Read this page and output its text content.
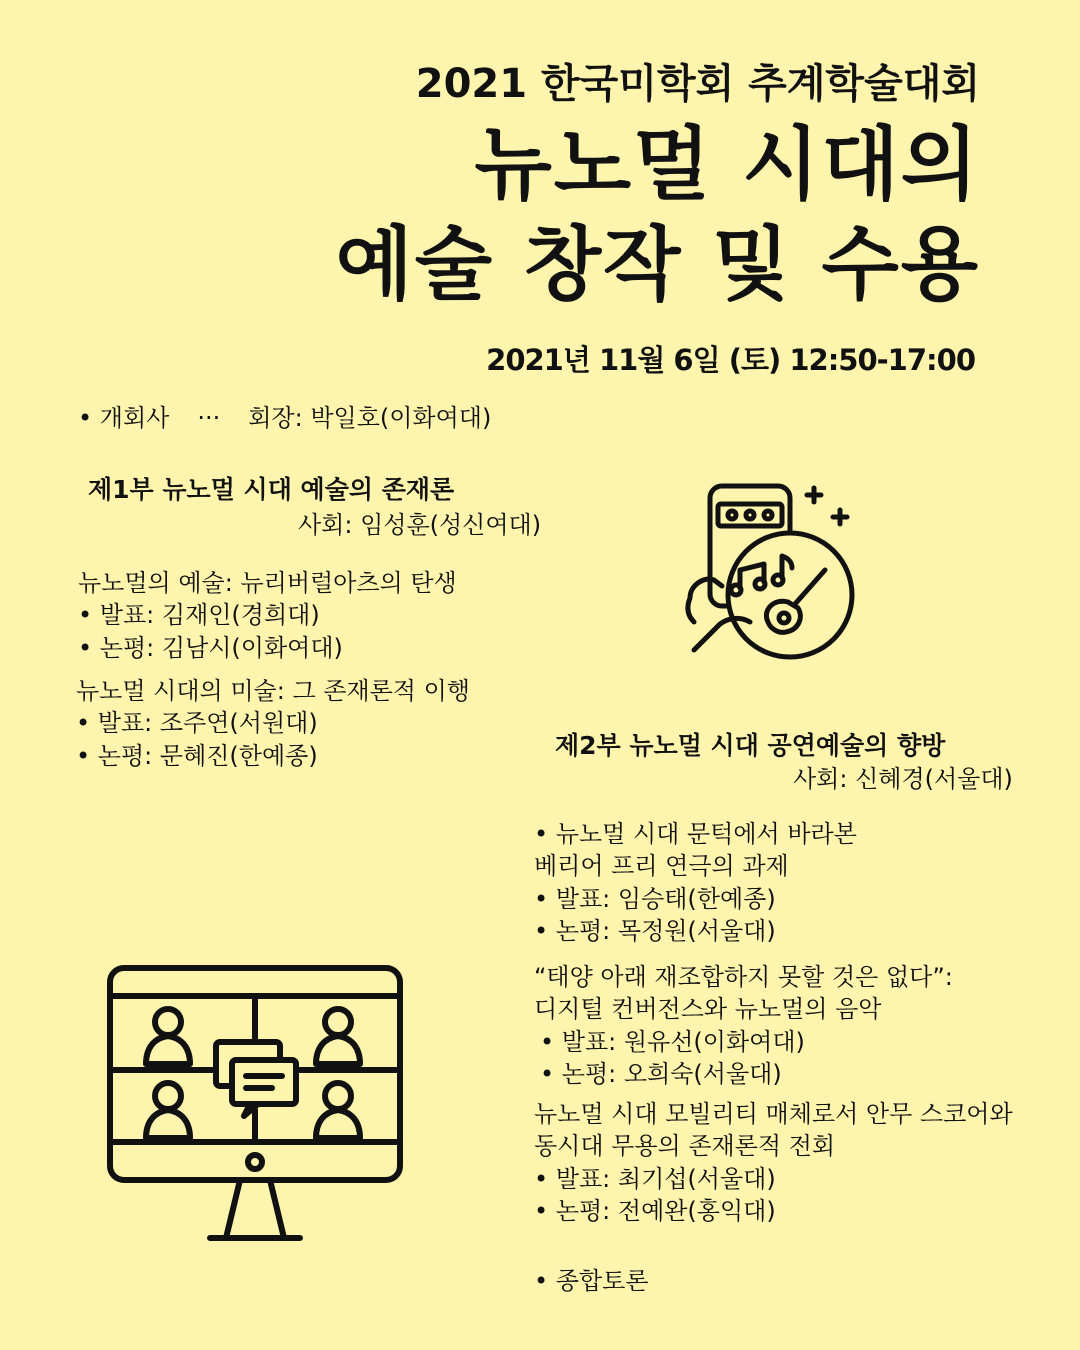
2021 한국미학회 추계학술대회
뉴노멀 시대의
예술 창작 및 수용
2021년 11월 6일 (토) 12:50-17:00
• 개회사 ··· 회장: 박일호(이화여대)
제1부 뉴노멀 시대 예술의 존재론
사회: 임성훈(성신여대)
뉴노멀의 예술: 뉴리버럴아츠의 탄생
• 발표: 김재인(경희대)
• 논평: 김남시(이화여대)
뉴노멀 시대의 미술: 그 존재론적 이행
• 발표: 조주연(서원대)
• 논평: 문혜진(한예종)	제2부 뉴노멀 시대 공연예술의 향방
사회: 신혜경(서울대)
• 뉴노멀 시대 문턱에서 바라본
베리어 프리 연극의 과제
• 발표: 임승태(한예종)
• 논평: 목정원(서울대)
“태양 아래 재조합하지 못할 것은 없다”:
디지털 컨버전스와 뉴노멀의 음악
• 발표: 원유선(이화여대)
• 논평: 오희숙(서울대)
뉴노멀 시대 모빌리티 매체로서 안무 스코어와
동시대 무용의 존재론적 전회
• 발표: 최기섭(서울대)
• 논평: 전예완(홍익대)
• 종합토론
